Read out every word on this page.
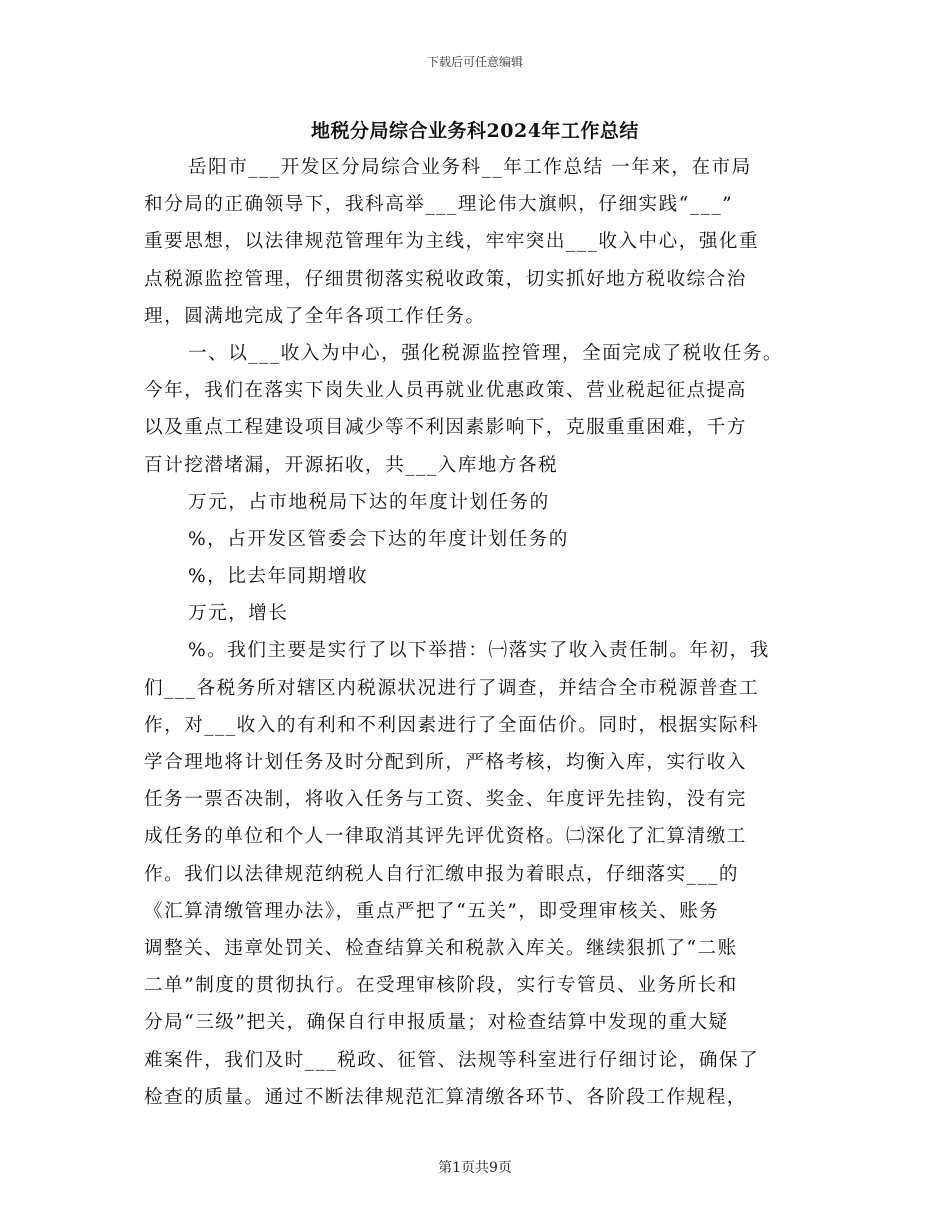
下载后可任意编辑
地税分局综合业务科2024年工作总结
岳阳市___开发区分局综合业务科__年工作总结 一年来，在市局
和分局的正确领导下，我科高举___理论伟大旗帜，仔细实践“___”
重要思想，以法律规范管理年为主线，牢牢突出___收入中心，强化重
点税源监控管理，仔细贯彻落实税收政策，切实抓好地方税收综合治
理，圆满地完成了全年各项工作任务。
一、以___收入为中心，强化税源监控管理，全面完成了税收任务。
今年，我们在落实下岗失业人员再就业优惠政策、营业税起征点提高
以及重点工程建设项目减少等不利因素影响下，克服重重困难，千方
百计挖潜堵漏，开源拓收，共___入库地方各税
万元，占市地税局下达的年度计划任务的
%，占开发区管委会下达的年度计划任务的
%，比去年同期增收
万元，增长
%。我们主要是实行了以下举措：㈠落实了收入责任制。年初，我
们___各税务所对辖区内税源状况进行了调查，并结合全市税源普查工
作，对___收入的有利和不利因素进行了全面估价。同时，根据实际科
学合理地将计划任务及时分配到所，严格考核，均衡入库，实行收入
任务一票否决制，将收入任务与工资、奖金、年度评先挂钩，没有完
成任务的单位和个人一律取消其评先评优资格。㈡深化了汇算清缴工
作。我们以法律规范纳税人自行汇缴申报为着眼点，仔细落实___的
《汇算清缴管理办法》，重点严把了“五关”，即受理审核关、账务
调整关、违章处罚关、检查结算关和税款入库关。继续狠抓了“二账
二单”制度的贯彻执行。在受理审核阶段，实行专管员、业务所长和
分局“三级”把关，确保自行申报质量；对检查结算中发现的重大疑
难案件，我们及时___税政、征管、法规等科室进行仔细讨论，确保了
检查的质量。通过不断法律规范汇算清缴各环节、各阶段工作规程，
第1页共9页
